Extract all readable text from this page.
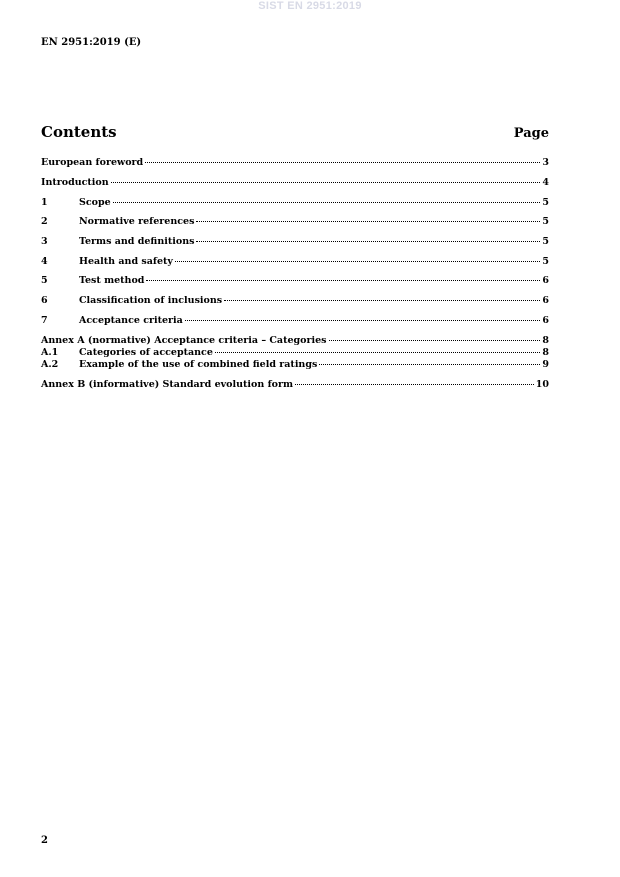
SIST EN 2951:2019
EN 2951:2019 (E)
Contents	Page
European foreword	3
Introduction	4
1	Scope	5
2	Normative references	5
3	Terms and definitions	5
4	Health and safety	5
5	Test method	6
6	Classification of inclusions	6
7	Acceptance criteria	6
Annex A (normative) Acceptance criteria – Categories	8
A.1	Categories of acceptance	8
A.2	Example of the use of combined field ratings	9
Annex B (informative) Standard evolution form	10
2
